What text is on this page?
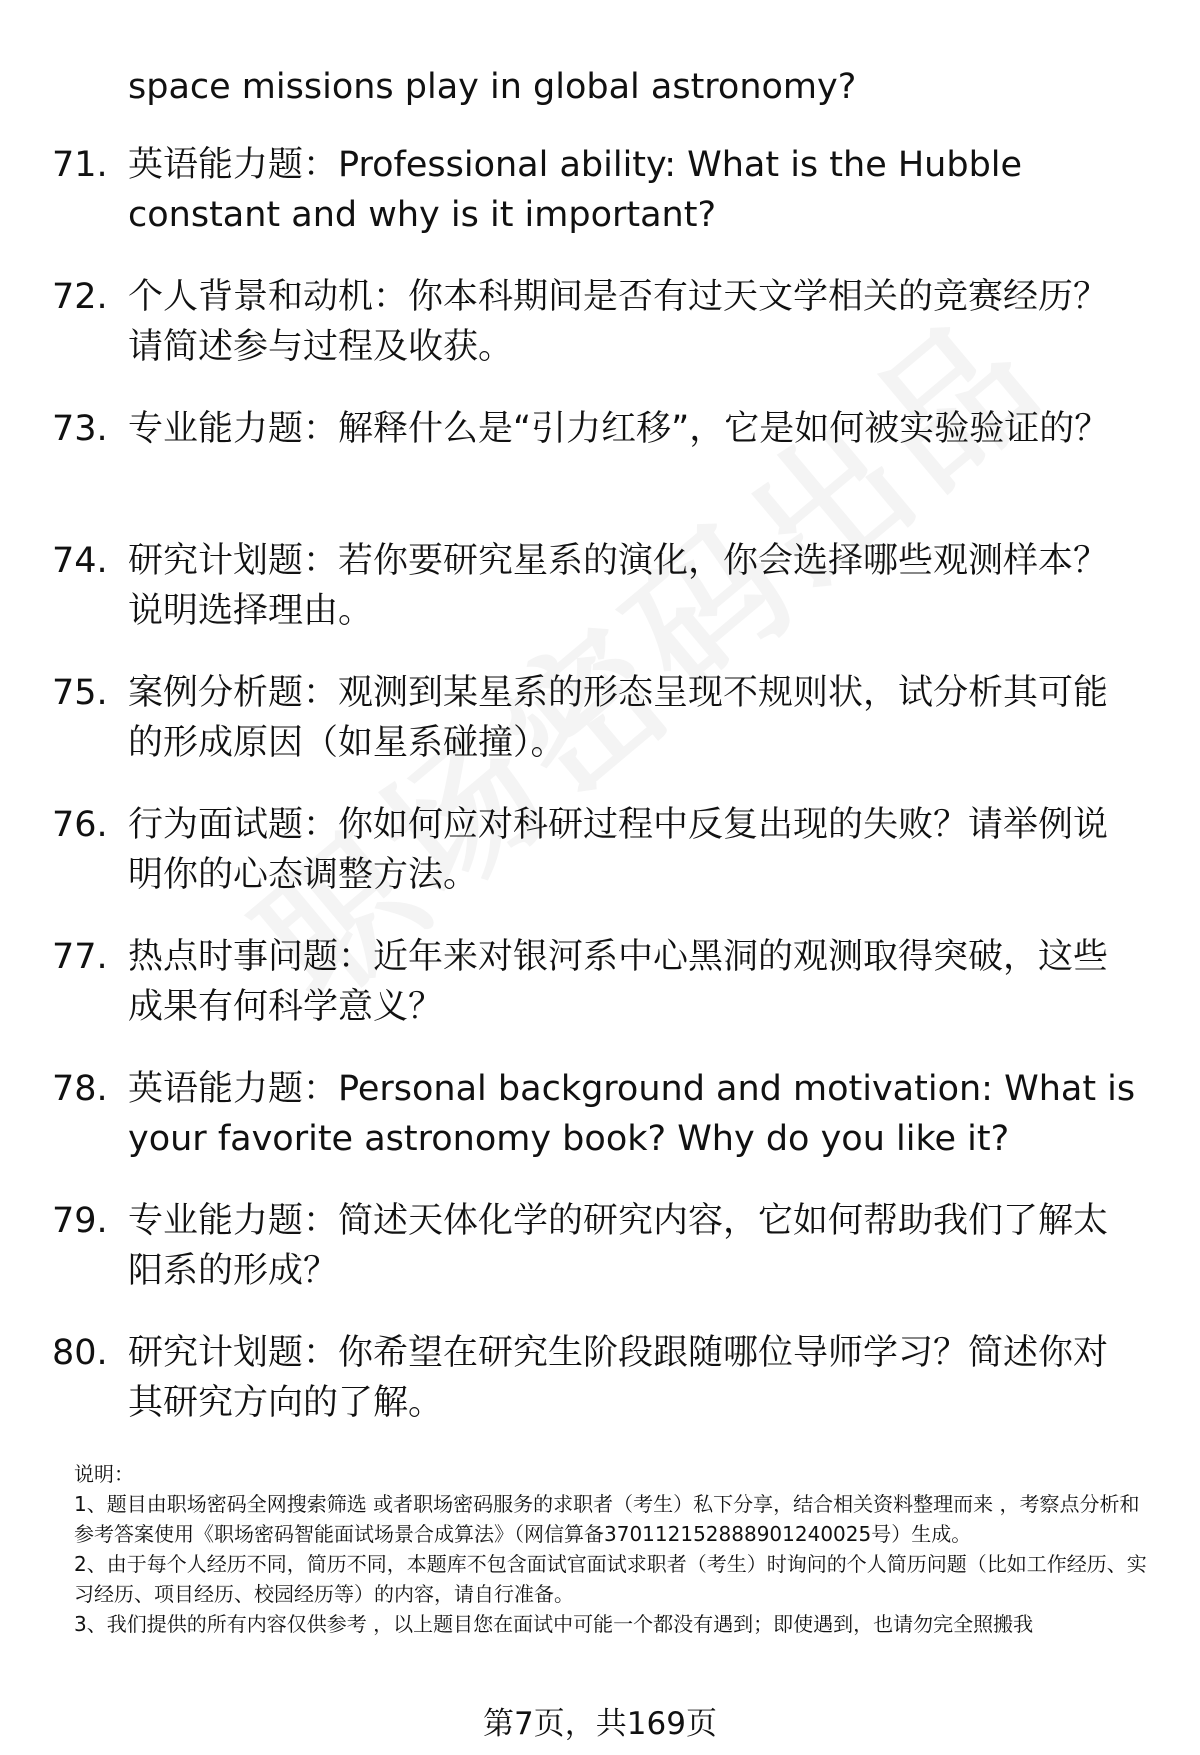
space missions play in global astronomy?
71. 英语能力题：Professional ability: What is the Hubble constant and why is it important?
72. 个人背景和动机：你本科期间是否有过天文学相关的竞赛经历？请简述参与过程及收获。
73. 专业能力题：解释什么是“引力红移”，它是如何被实验验证的？
74. 研究计划题：若你要研究星系的演化，你会选择哪些观测样本？说明选择理由。
75. 案例分析题：观测到某星系的形态呈现不规则状，试分析其可能的形成原因（如星系碰撞）。
76. 行为面试题：你如何应对科研过程中反复出现的失败？请举例说明你的心态调整方法。
77. 热点时事问题：近年来对银河系中心黑洞的观测取得突破，这些成果有何科学意义？
78. 英语能力题：Personal background and motivation: What is your favorite astronomy book? Why do you like it?
79. 专业能力题：简述天体化学的研究内容，它如何帮助我们了解太阳系的形成？
80. 研究计划题：你希望在研究生阶段跟随哪位导师学习？简述你对其研究方向的了解。

说明：

1、题目由职场密码全网搜索筛选 或者职场密码服务的求职者（考生）私下分享，结合相关资料整理而来 ，考察点分析和参考答案使用《职场密码智能面试场景合成算法》（网信算备370112152888901240025号）生成。

2、由于每个人经历不同，简历不同，本题库不包含面试官面试求职者（考生）时询问的个人简历问题（比如工作经历、实习经历、项目经历、校园经历等）的内容，请自行准备。

3、我们提供的所有内容仅供参考 ，以上题目您在面试中可能一个都没有遇到；即使遇到，也请勿完全照搬我

第7页，共169页
